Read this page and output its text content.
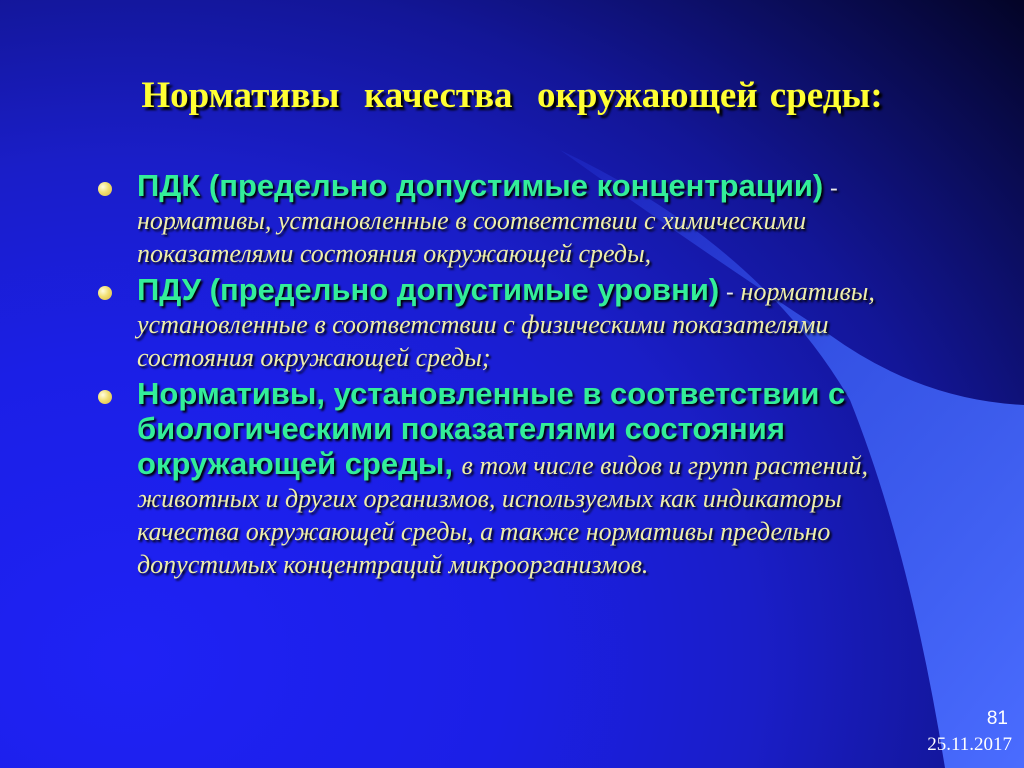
Нормативы  качества  окружающей среды:
ПДК (предельно допустимые концентрации) - нормативы, установленные в соответствии с химическими показателями состояния окружающей среды,
ПДУ (предельно допустимые уровни) - нормативы, установленные в соответствии с физическими показателями состояния окружающей среды;
Нормативы, установленные в соответствии с биологическими показателями состояния окружающей среды, в том числе видов и групп растений, животных и других организмов, используемых как индикаторы качества окружающей среды, а также нормативы предельно допустимых концентраций микроорганизмов.
81
25.11.2017
